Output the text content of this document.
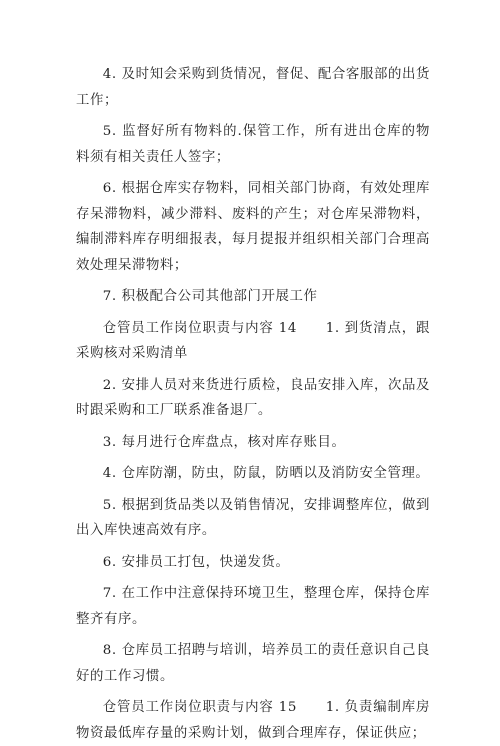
4. 及时知会采购到货情况，督促、配合客服部的出货工作；

5. 监督好所有物料的.保管工作，所有进出仓库的物料须有相关责任人签字；

6. 根据仓库实存物料，同相关部门协商，有效处理库存呆滞物料，减少滞料、废料的产生；对仓库呆滞物料，编制滞料库存明细报表，每月提报并组织相关部门合理高效处理呆滞物料；

7. 积极配合公司其他部门开展工作

仓管员工作岗位职责与内容 14　　1. 到货清点，跟采购核对采购清单

2. 安排人员对来货进行质检，良品安排入库，次品及时跟采购和工厂联系准备退厂。

3. 每月进行仓库盘点，核对库存账目。

4. 仓库防潮，防虫，防鼠，防晒以及消防安全管理。

5. 根据到货品类以及销售情况，安排调整库位，做到出入库快速高效有序。

6. 安排员工打包，快递发货。

7. 在工作中注意保持环境卫生，整理仓库，保持仓库整齐有序。

8. 仓库员工招聘与培训，培养员工的责任意识自己良好的工作习惯。

仓管员工作岗位职责与内容 15　　1. 负责编制库房物资最低库存量的采购计划，做到合理库存，保证供应；
